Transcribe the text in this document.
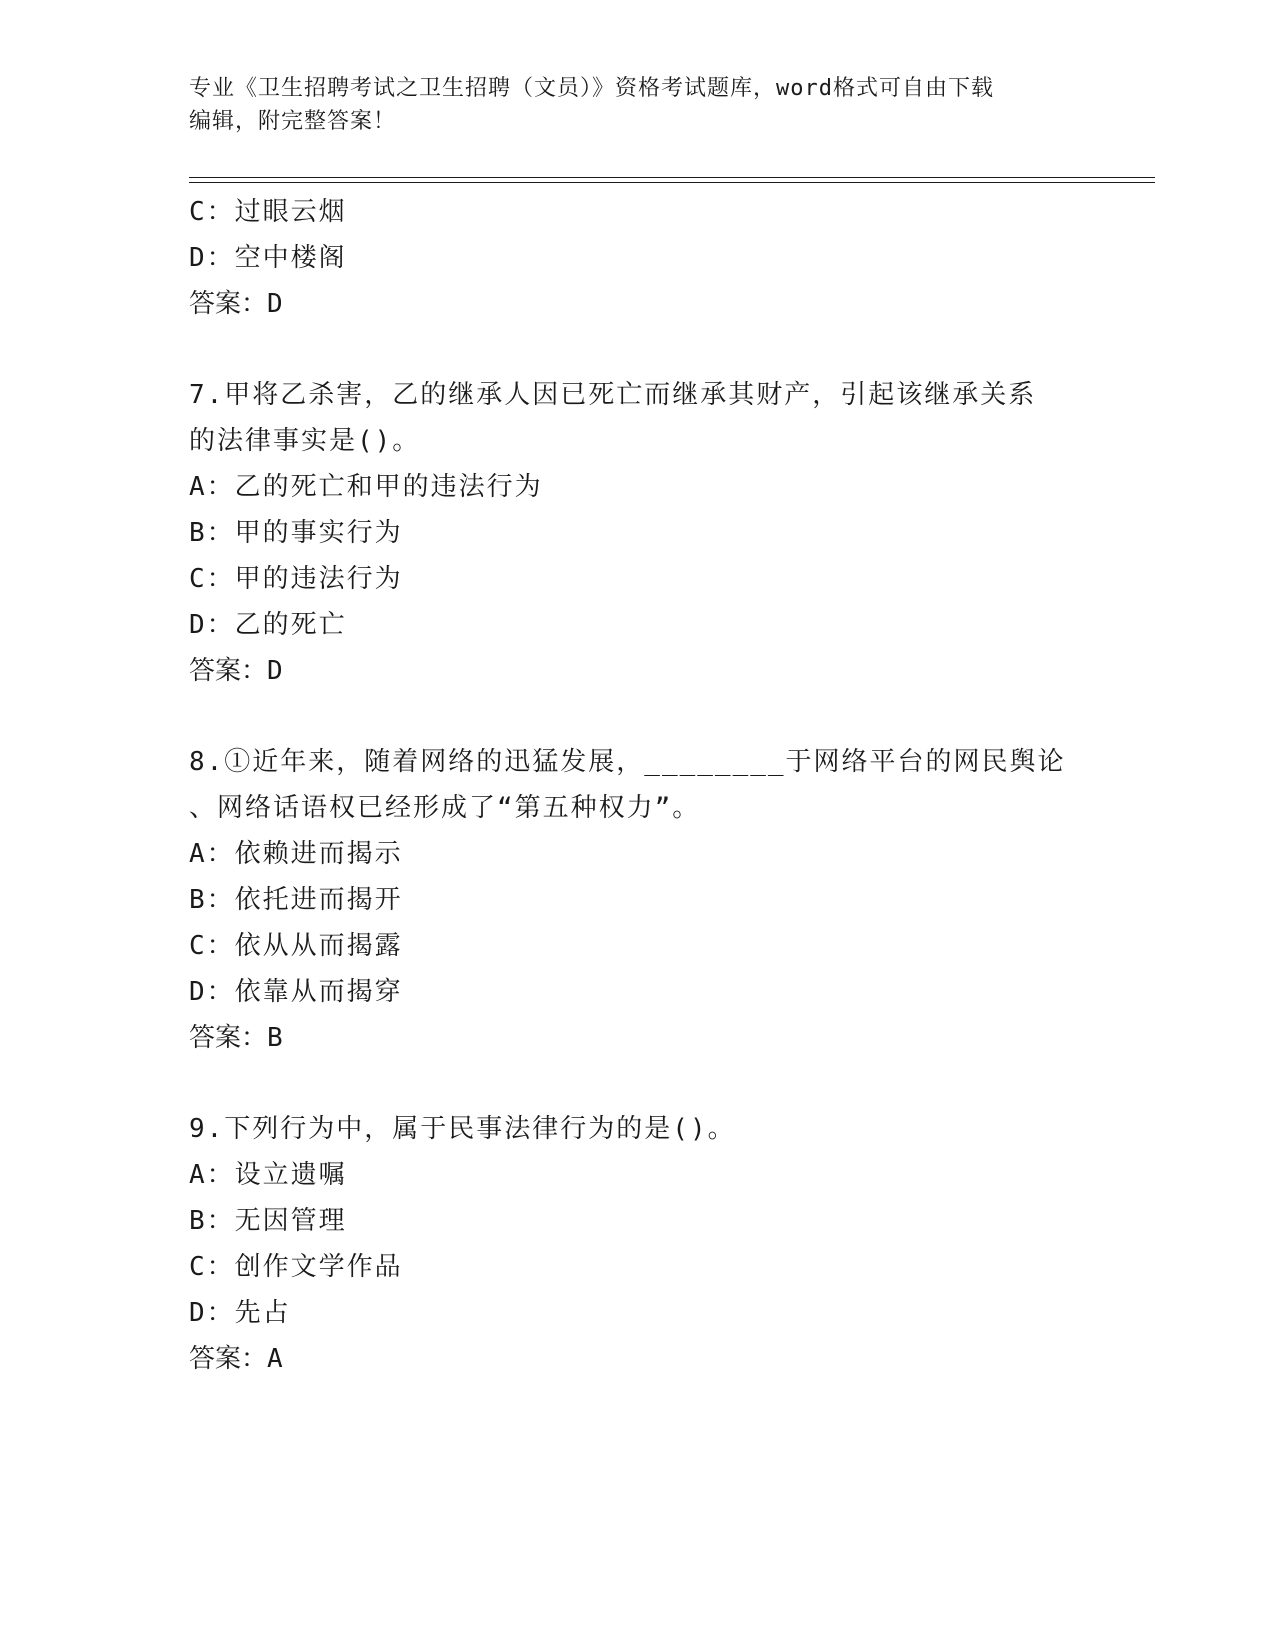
专业《卫生招聘考试之卫生招聘（文员）》资格考试题库，word格式可自由下载
编辑，附完整答案！
C：过眼云烟
D：空中楼阁
答案：D
7.甲将乙杀害，乙的继承人因已死亡而继承其财产，引起该继承关系
的法律事实是()。
A：乙的死亡和甲的违法行为
B：甲的事实行为
C：甲的违法行为
D：乙的死亡
答案：D
8.①近年来，随着网络的迅猛发展，________于网络平台的网民舆论
、网络话语权已经形成了“第五种权力”。
A：依赖进而揭示
B：依托进而揭开
C：依从从而揭露
D：依靠从而揭穿
答案：B
9.下列行为中，属于民事法律行为的是()。
A：设立遗嘱
B：无因管理
C：创作文学作品
D：先占
答案：A
